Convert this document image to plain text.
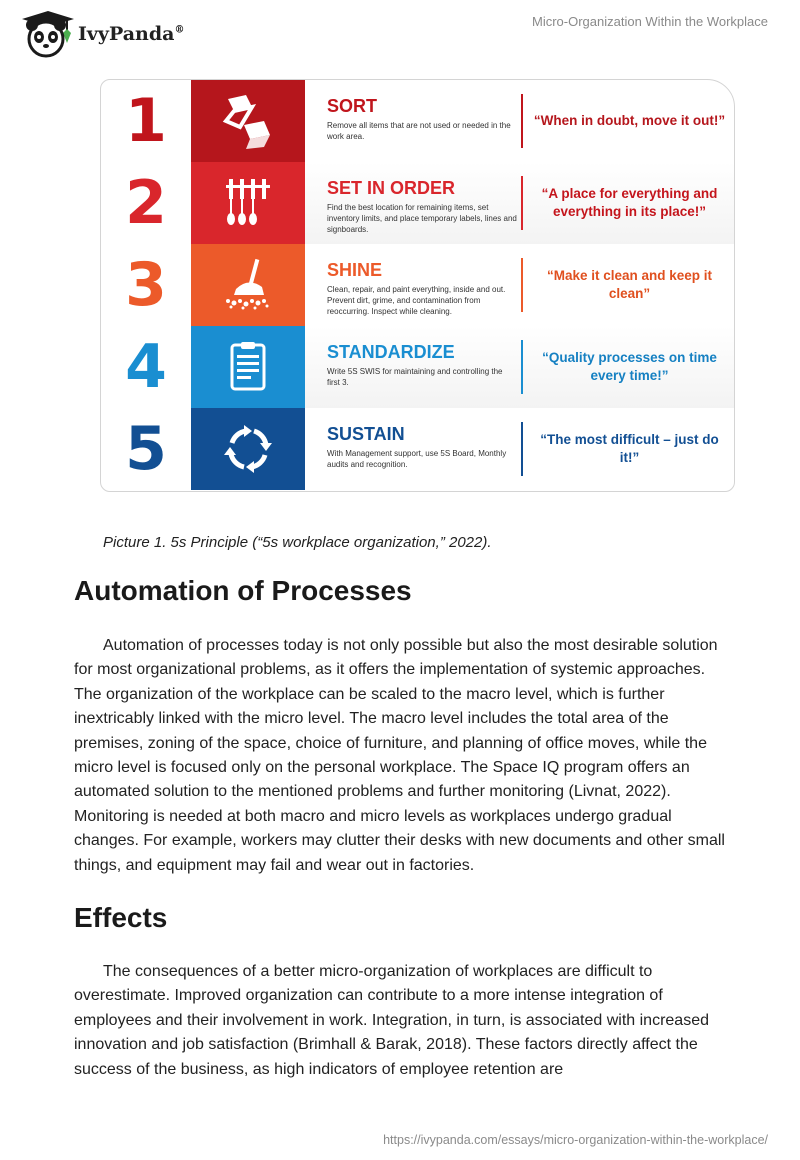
IvyPanda®
Micro-Organization Within the Workplace
1	SORT
Remove all items that are not used or needed in the work area.
“When in doubt, move it out!”
2	SET IN ORDER
Find the best location for remaining items, set inventory limits, and place temporary labels, lines and signboards.
“A place for everything and everything in its place!”
3	SHINE
Clean, repair, and paint everything, inside and out. Prevent dirt, grime, and contamination from reoccurring. Inspect while cleaning.
“Make it clean and keep it clean”
4	STANDARDIZE
Write 5S SWIS for maintaining and controlling the first 3.
“Quality processes on time every time!”
5	SUSTAIN
With Management support, use 5S Board, Monthly audits and recognition.
“The most difficult – just do it!”
Picture 1. 5s Principle (“5s workplace organization,” 2022).
Automation of Processes
Automation of processes today is not only possible but also the most desirable solution for most organizational problems, as it offers the implementation of systemic approaches. The organization of the workplace can be scaled to the macro level, which is further inextricably linked with the micro level. The macro level includes the total area of the premises, zoning of the space, choice of furniture, and planning of office moves, while the micro level is focused only on the personal workplace. The Space IQ program offers an automated solution to the mentioned problems and further monitoring (Livnat, 2022). Monitoring is needed at both macro and micro levels as workplaces undergo gradual changes. For example, workers may clutter their desks with new documents and other small things, and equipment may fail and wear out in factories.
Effects
The consequences of a better micro-organization of workplaces are difficult to overestimate. Improved organization can contribute to a more intense integration of employees and their involvement in work. Integration, in turn, is associated with increased innovation and job satisfaction (Brimhall & Barak, 2018). These factors directly affect the success of the business, as high indicators of employee retention are
https://ivypanda.com/essays/micro-organization-within-the-workplace/
